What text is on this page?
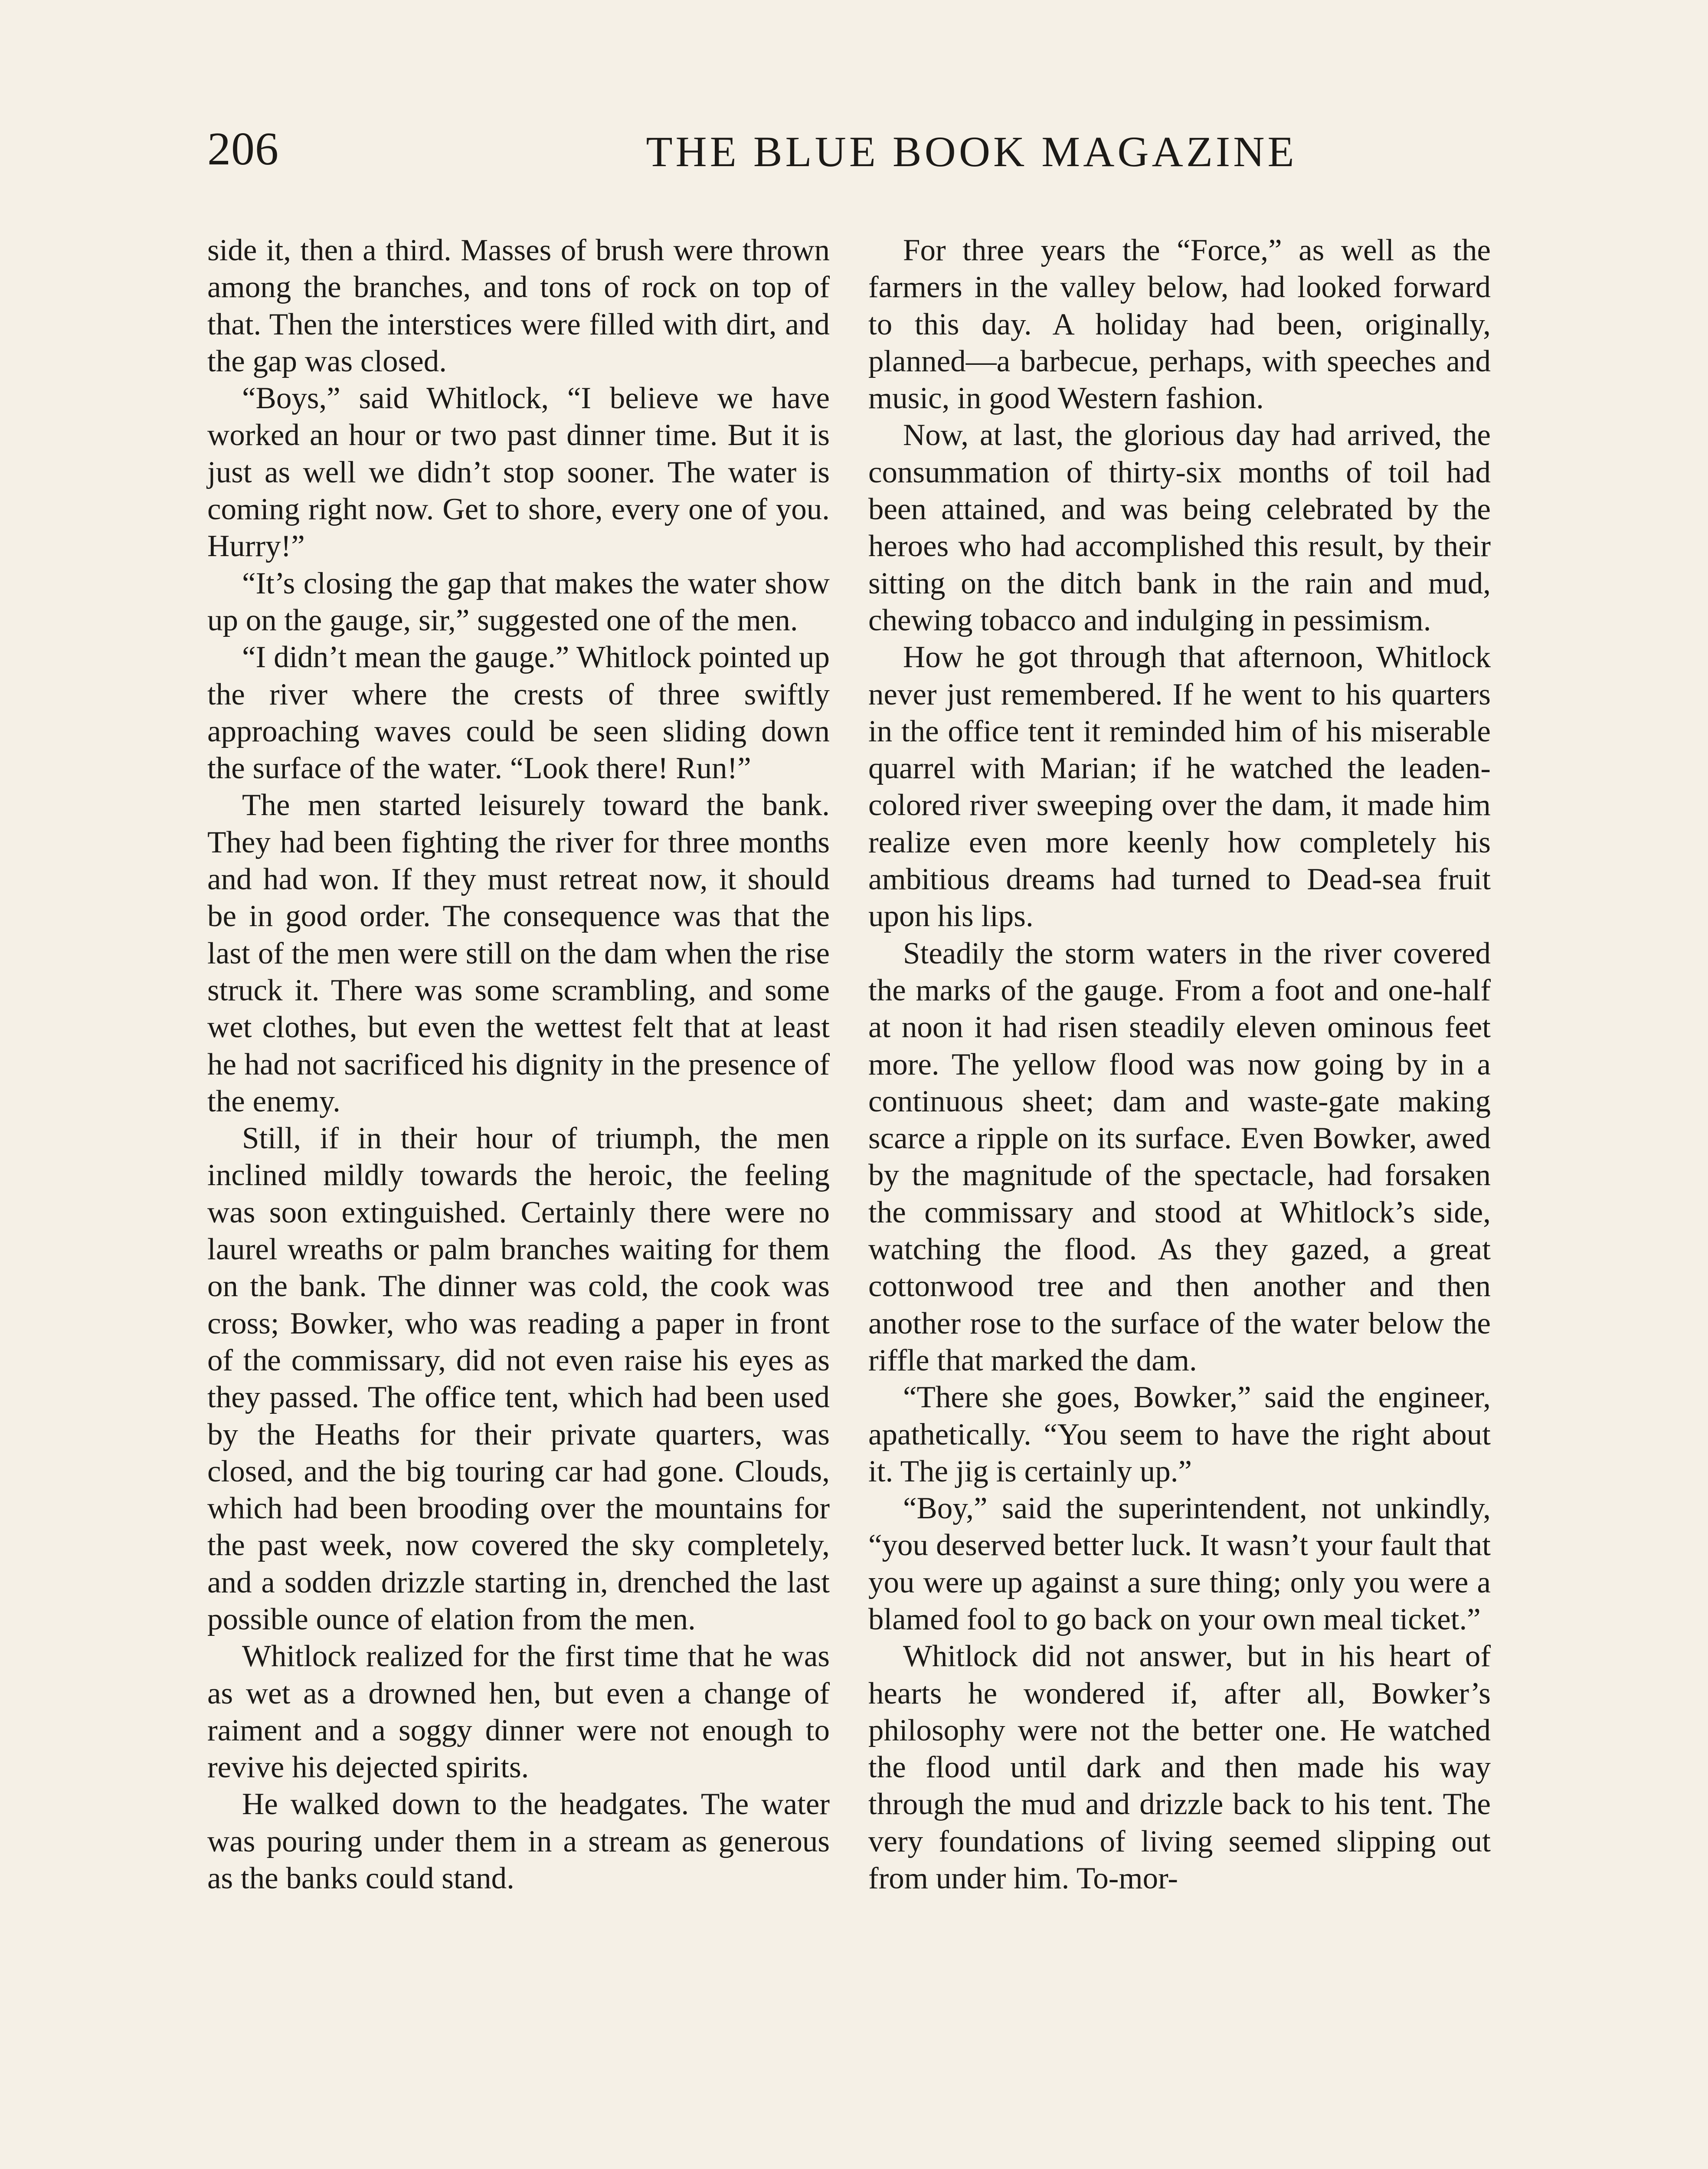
206	THE BLUE BOOK MAGAZINE

side it, then a third. Masses of brush were thrown among the branches, and tons of rock on top of that. Then the interstices were filled with dirt, and the gap was closed.

“Boys,” said Whitlock, “I believe we have worked an hour or two past dinner time. But it is just as well we didn’t stop sooner. The water is coming right now. Get to shore, every one of you. Hurry!”

“It’s closing the gap that makes the water show up on the gauge, sir,” suggested one of the men.

“I didn’t mean the gauge.” Whitlock pointed up the river where the crests of three swiftly approaching waves could be seen sliding down the surface of the water. “Look there! Run!”

The men started leisurely toward the bank. They had been fighting the river for three months and had won. If they must retreat now, it should be in good order. The consequence was that the last of the men were still on the dam when the rise struck it. There was some scrambling, and some wet clothes, but even the wettest felt that at least he had not sacrificed his dignity in the presence of the enemy.

Still, if in their hour of triumph, the men inclined mildly towards the heroic, the feeling was soon extinguished. Certainly there were no laurel wreaths or palm branches waiting for them on the bank. The dinner was cold, the cook was cross; Bowker, who was reading a paper in front of the commissary, did not even raise his eyes as they passed. The office tent, which had been used by the Heaths for their private quarters, was closed, and the big touring car had gone. Clouds, which had been brooding over the mountains for the past week, now covered the sky completely, and a sodden drizzle starting in, drenched the last possible ounce of elation from the men.

Whitlock realized for the first time that he was as wet as a drowned hen, but even a change of raiment and a soggy dinner were not enough to revive his dejected spirits.

He walked down to the headgates. The water was pouring under them in a stream as generous as the banks could stand.

For three years the “Force,” as well as the farmers in the valley below, had looked forward to this day. A holiday had been, originally, planned—a barbecue, perhaps, with speeches and music, in good Western fashion.

Now, at last, the glorious day had arrived, the consummation of thirty-six months of toil had been attained, and was being celebrated by the heroes who had accomplished this result, by their sitting on the ditch bank in the rain and mud, chewing tobacco and indulging in pessimism.

How he got through that afternoon, Whitlock never just remembered. If he went to his quarters in the office tent it reminded him of his miserable quarrel with Marian; if he watched the leaden-colored river sweeping over the dam, it made him realize even more keenly how completely his ambitious dreams had turned to Dead-sea fruit upon his lips.

Steadily the storm waters in the river covered the marks of the gauge. From a foot and one-half at noon it had risen steadily eleven ominous feet more. The yellow flood was now going by in a continuous sheet; dam and waste-gate making scarce a ripple on its surface. Even Bowker, awed by the magnitude of the spectacle, had forsaken the commissary and stood at Whitlock’s side, watching the flood. As they gazed, a great cottonwood tree and then another and then another rose to the surface of the water below the riffle that marked the dam.

“There she goes, Bowker,” said the engineer, apathetically. “You seem to have the right about it. The jig is certainly up.”

“Boy,” said the superintendent, not unkindly, “you deserved better luck. It wasn’t your fault that you were up against a sure thing; only you were a blamed fool to go back on your own meal ticket.”

Whitlock did not answer, but in his heart of hearts he wondered if, after all, Bowker’s philosophy were not the better one. He watched the flood until dark and then made his way through the mud and drizzle back to his tent. The very foundations of living seemed slipping out from under him. To-mor-
